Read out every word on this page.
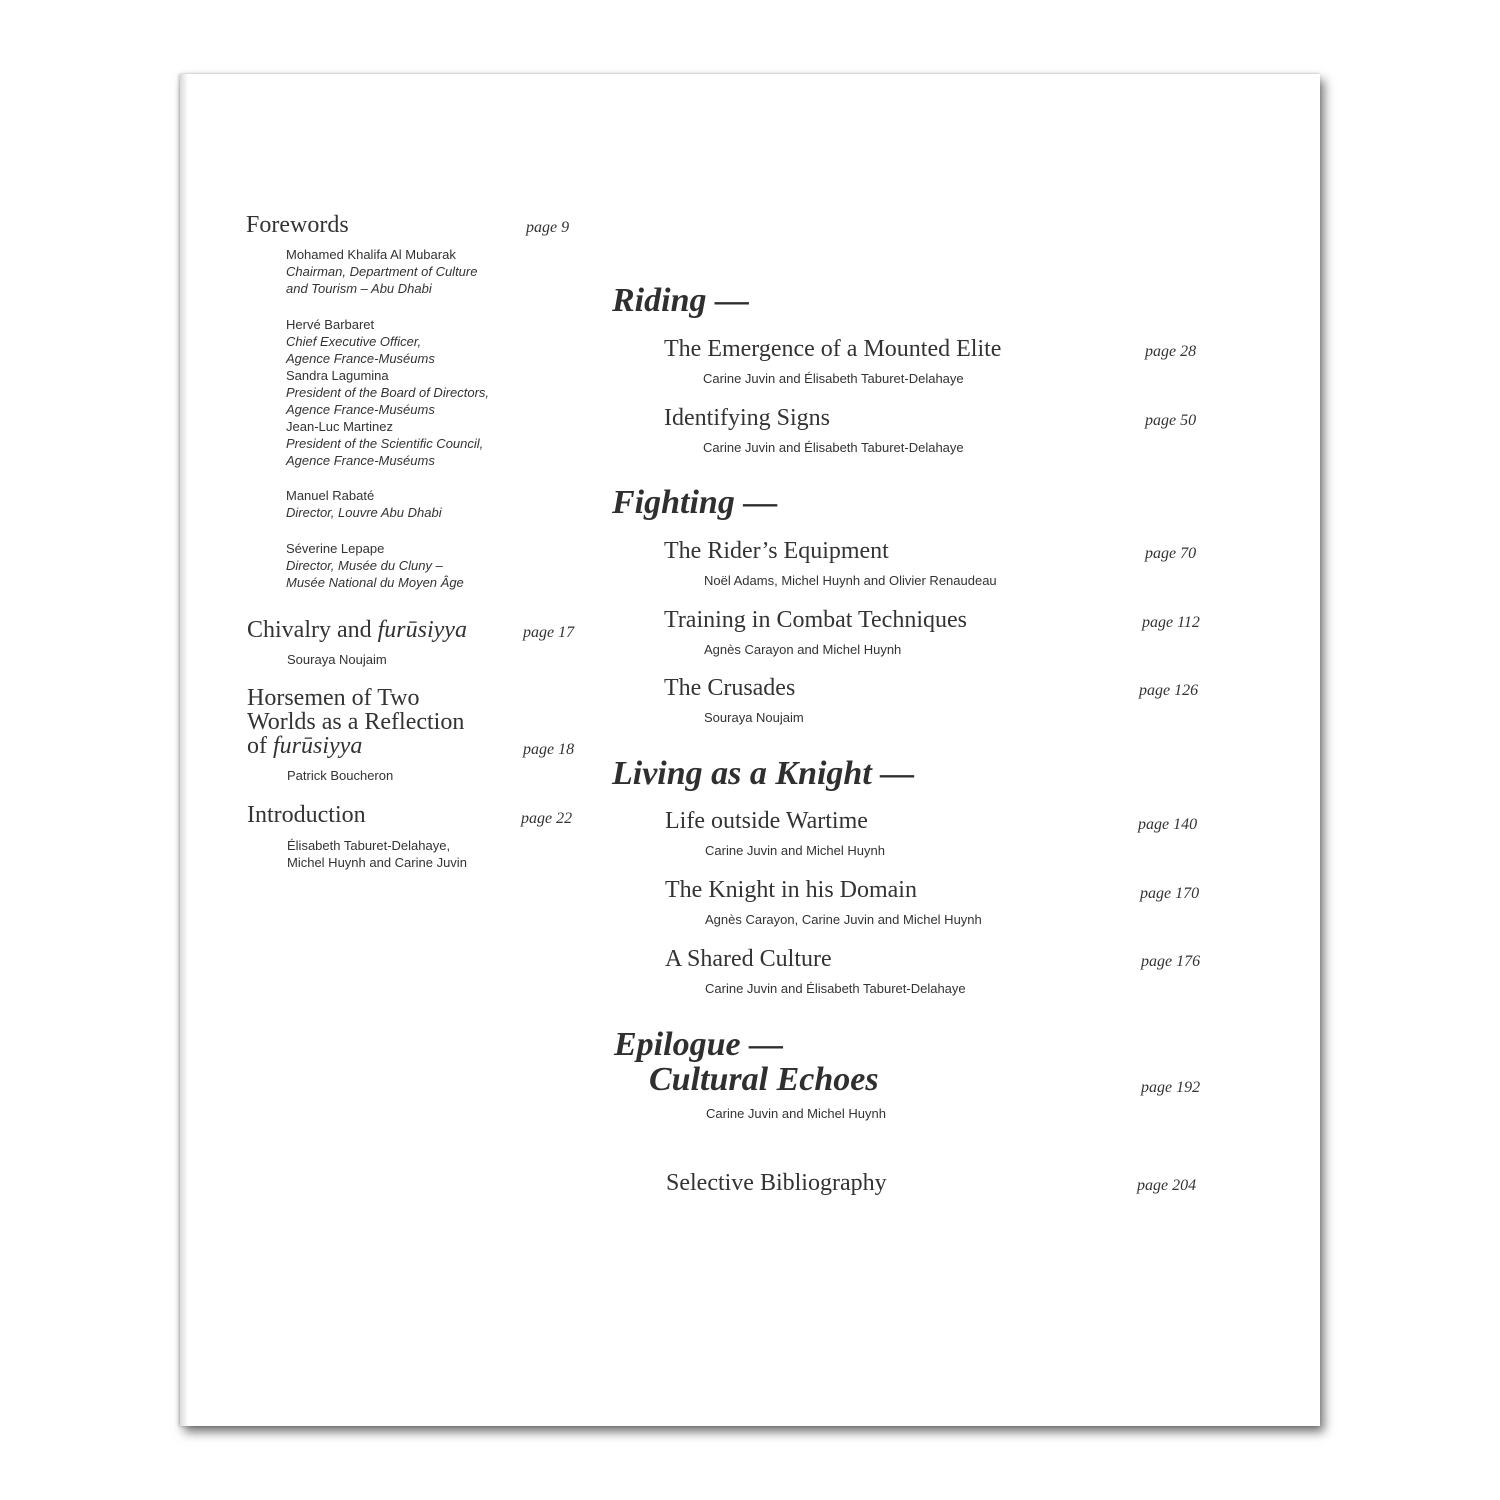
Forewords	page 9
Mohamed Khalifa Al Mubarak
Chairman, Department of Culture
and Tourism – Abu Dhabi
Hervé Barbaret
Chief Executive Officer,
Agence France-Muséums
Sandra Lagumina
President of the Board of Directors,
Agence France-Muséums
Jean-Luc Martinez
President of the Scientific Council,
Agence France-Muséums
Manuel Rabaté
Director, Louvre Abu Dhabi
Séverine Lepape
Director, Musée du Cluny –
Musée National du Moyen Âge
Chivalry and furūsiyya	page 17
Souraya Noujaim
Horsemen of Two
Worlds as a Reflection
of furūsiyya	page 18
Patrick Boucheron
Introduction	page 22
Élisabeth Taburet-Delahaye,
Michel Huynh and Carine Juvin
Riding —
The Emergence of a Mounted Elite	page 28
Carine Juvin and Élisabeth Taburet-Delahaye
Identifying Signs	page 50
Carine Juvin and Élisabeth Taburet-Delahaye
Fighting —
The Rider’s Equipment	page 70
Noël Adams, Michel Huynh and Olivier Renaudeau
Training in Combat Techniques	page 112
Agnès Carayon and Michel Huynh
The Crusades	page 126
Souraya Noujaim
Living as a Knight —
Life outside Wartime	page 140
Carine Juvin and Michel Huynh
The Knight in his Domain	page 170
Agnès Carayon, Carine Juvin and Michel Huynh
A Shared Culture	page 176
Carine Juvin and Élisabeth Taburet-Delahaye
Epilogue —
Cultural Echoes	page 192
Carine Juvin and Michel Huynh
Selective Bibliography	page 204
